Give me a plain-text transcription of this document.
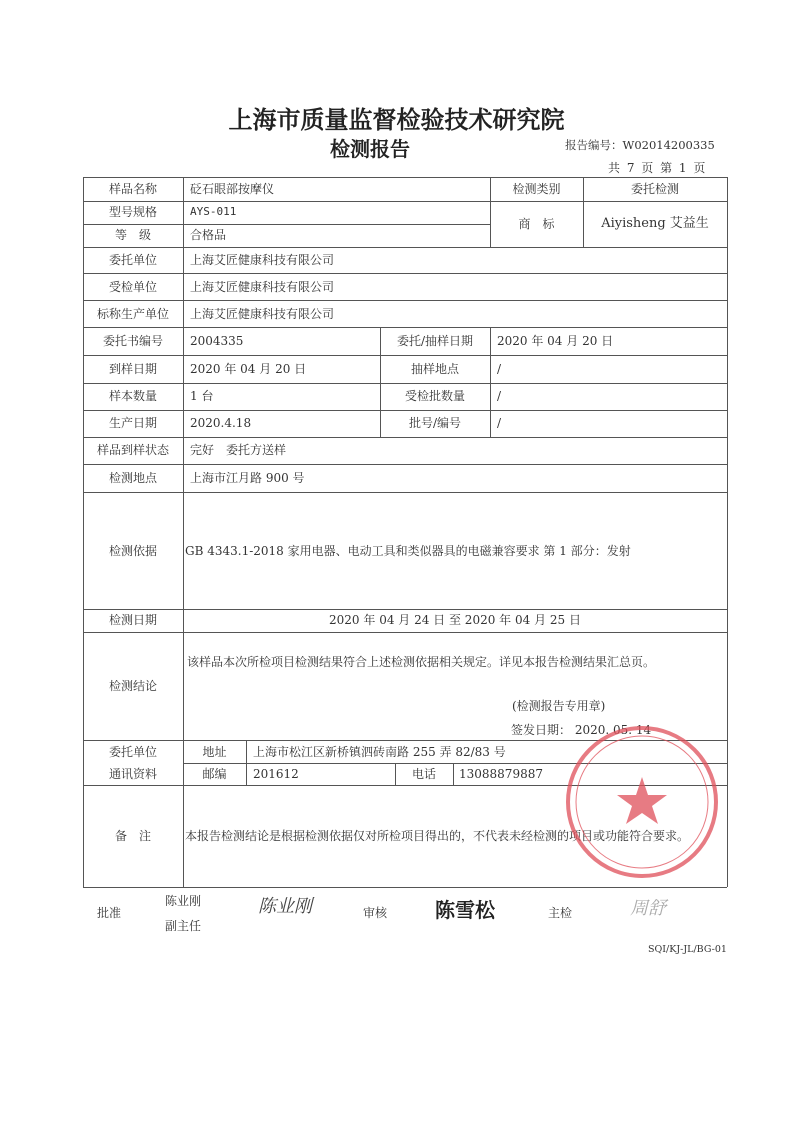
上海市质量监督检验技术研究院
检测报告	报告编号：W02014200335
共 7 页 第 1 页
样品名称	砭石眼部按摩仪	检测类别	委托检测
型号规格	AYS-011
商　标	Aiyisheng 艾益生
等　级	合格品
委托单位	上海艾匠健康科技有限公司
受检单位	上海艾匠健康科技有限公司
标称生产单位	上海艾匠健康科技有限公司
委托书编号	2004335	委托/抽样日期	2020 年 04 月 20 日
到样日期	2020 年 04 月 20 日	抽样地点	/
样本数量	1 台	受检批数量	/
生产日期	2020.4.18	批号/编号	/
样品到样状态	完好　委托方送样
检测地点	上海市江月路 900 号
检测依据	GB 4343.1-2018 家用电器、电动工具和类似器具的电磁兼容要求 第 1 部分：发射
检测日期	2020 年 04 月 24 日 至 2020 年 04 月 25 日
检测结论
该样品本次所检项目检测结果符合上述检测依据相关规定。详见本报告检测结果汇总页。
(检测报告专用章)
签发日期： 2020. 05. 14
委托单位
通讯资料
地址	上海市松江区新桥镇泗砖南路 255 弄 82/83 号
邮编	201612	电话	13088879887
备　注	本报告检测结论是根据检测依据仅对所检项目得出的，不代表未经检测的项目或功能符合要求。
批准
陈业刚
副主任
陈业刚	审核 陈雪松	主检	周舒
SQI/KJ-JL/BG-01
